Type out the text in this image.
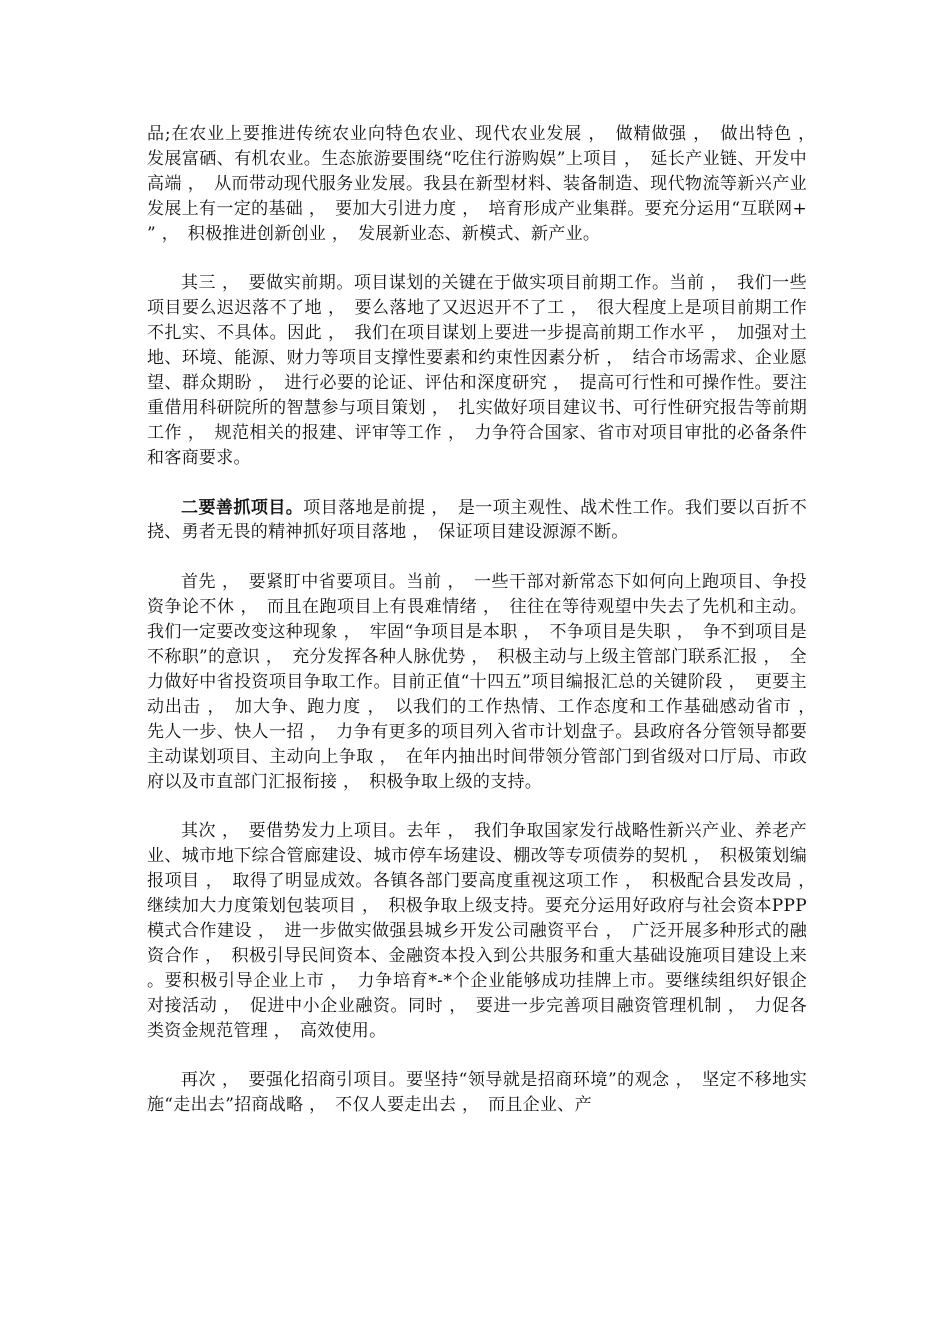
品;在农业上要推进传统农业向特色农业、现代农业发展 ，　做精做强 ，　做出特色 ，　发展富硒、有机农业。生态旅游要围绕“吃住行游购娱”上项目 ，　延长产业链、开发中高端 ，　从而带动现代服务业发展。我县在新型材料、装备制造、现代物流等新兴产业发展上有一定的基础 ，　要加大引进力度 ，　培育形成产业集群。要充分运用“互联网+” ，　积极推进创新创业 ，　发展新业态、新模式、新产业。

其三 ，　要做实前期。项目谋划的关键在于做实项目前期工作。当前 ，　我们一些项目要么迟迟落不了地 ，　要么落地了又迟迟开不了工 ，　很大程度上是项目前期工作不扎实、不具体。因此 ，　我们在项目谋划上要进一步提高前期工作水平 ，　加强对土地、环境、能源、财力等项目支撑性要素和约束性因素分析 ，　结合市场需求、企业愿望、群众期盼 ，　进行必要的论证、评估和深度研究 ，　提高可行性和可操作性。要注重借用科研院所的智慧参与项目策划 ，　扎实做好项目建议书、可行性研究报告等前期工作 ，　规范相关的报建、评审等工作 ，　力争符合国家、省市对项目审批的必备条件和客商要求。

二要善抓项目。项目落地是前提 ，　是一项主观性、战术性工作。我们要以百折不挠、勇者无畏的精神抓好项目落地 ，　保证项目建设源源不断。

首先 ，　要紧盯中省要项目。当前 ，　一些干部对新常态下如何向上跑项目、争投资争论不休 ，　而且在跑项目上有畏难情绪 ，　往往在等待观望中失去了先机和主动。我们一定要改变这种现象 ，　牢固“争项目是本职 ，　不争项目是失职 ，　争不到项目是不称职”的意识 ，　充分发挥各种人脉优势 ，　积极主动与上级主管部门联系汇报 ，　全力做好中省投资项目争取工作。目前正值“十四五”项目编报汇总的关键阶段 ，　更要主动出击 ，　加大争、跑力度 ，　以我们的工作热情、工作态度和工作基础感动省市 ，　先人一步、快人一招 ，　力争有更多的项目列入省市计划盘子。县政府各分管领导都要主动谋划项目、主动向上争取 ，　在年内抽出时间带领分管部门到省级对口厅局、市政府以及市直部门汇报衔接 ，　积极争取上级的支持。

其次 ，　要借势发力上项目。去年 ，　我们争取国家发行战略性新兴产业、养老产业、城市地下综合管廊建设、城市停车场建设、棚改等专项债券的契机 ，　积极策划编报项目 ，　取得了明显成效。各镇各部门要高度重视这项工作 ，　积极配合县发改局 ，　继续加大力度策划包装项目 ，　积极争取上级支持。要充分运用好政府与社会资本PPP模式合作建设 ，　进一步做实做强县城乡开发公司融资平台 ，　广泛开展多种形式的融资合作 ，　积极引导民间资本、金融资本投入到公共服务和重大基础设施项目建设上来。要积极引导企业上市 ，　力争培育*-*个企业能够成功挂牌上市。要继续组织好银企对接活动 ，　促进中小企业融资。同时 ，　要进一步完善项目融资管理机制 ，　力促各类资金规范管理 ，　高效使用。

再次 ，　要强化招商引项目。要坚持“领导就是招商环境”的观念 ，　坚定不移地实施“走出去”招商战略 ，　不仅人要走出去 ，　而且企业、产
